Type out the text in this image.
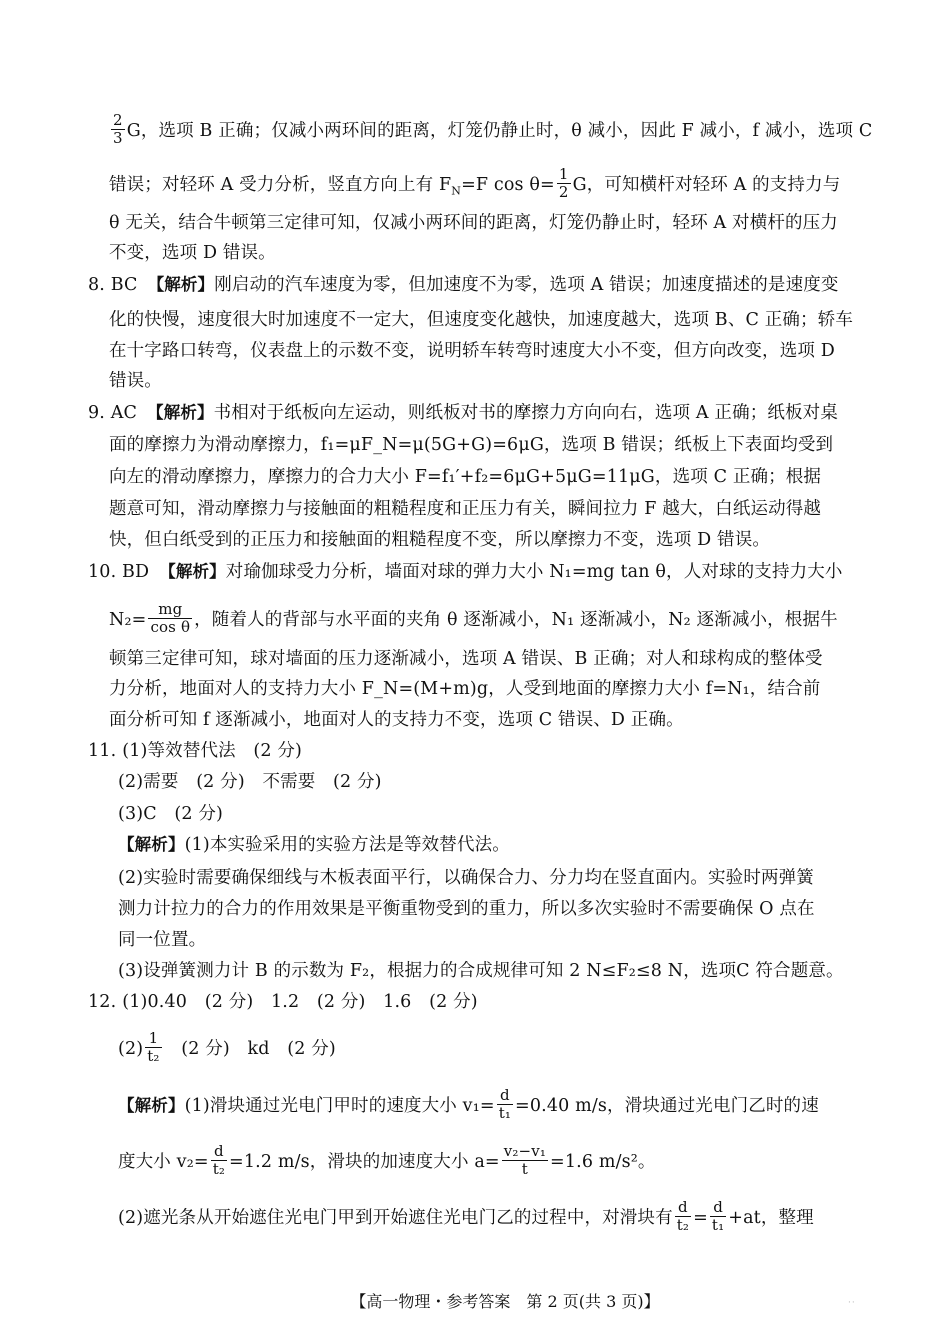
$\frac{2}{3}$ G，选项 B 正确；仅减小两环间的距离，灯笼仍静止时，θ 减小，因此 F 减小，f 减小，选项 C
错误；对轻环 A 受力分析，竖直方向上有 $F_N=F$ $\cos \theta= \frac{1}{2}$ G，可知横杆对轻环 A 的支持力与
θ 无关，结合牛顿第三定律可知，仅减小两环间的距离，灯笼仍静止时，轻环 A 对横杆的压力
不变，选项 D 错误。
8. BC 【解析】刚启动的汽车速度为零，但加速度不为零，选项 A 错误；加速度描述的是速度变
化的快慢，速度很大时加速度不一定大，但速度变化越快，加速度越大，选项 B、C 正确；轿车
在十字路口转弯，仪表盘上的示数不变，说明轿车转弯时速度大小不变，但方向改变，选项 D
错误。
9. AC 【解析】书相对于纸板向左运动，则纸板对书的摩擦力方向向右，选项 A 正确；纸板对桌
面的摩擦力为滑动摩擦力，f₁=μF_N=μ(5G+G)=6μG，选项 B 错误；纸板上下表面均受到
向左的滑动摩擦力，摩擦力的合力大小 F=f₁′+f₂=6μG+5μG=11μG，选项 C 正确；根据
题意可知，滑动摩擦力与接触面的粗糙程度和正压力有关，瞬间拉力 F 越大，白纸运动得越
快，但白纸受到的正压力和接触面的粗糙程度不变，所以摩擦力不变，选项 D 错误。
10. BD 【解析】对瑜伽球受力分析，墙面对球的弹力大小 N₁=mg tan θ，人对球的支持力大小
$N_2= \frac{mg}{\text{cos θ}}$ ，随着人的背部与水平面的夹角 θ 逐渐减小，N₁ 逐渐减小，N₂ 逐渐减小，根据牛
顿第三定律可知，球对墙面的压力逐渐减小，选项 A 错误、B 正确；对人和球构成的整体受
力分析，地面对人的支持力大小 F_N=(M+m)g，人受到地面的摩擦力大小 f=N₁，结合前
面分析可知 f 逐渐减小，地面对人的支持力不变，选项 C 错误、D 正确。
11. (1)等效替代法　(2 分)
(2)需要　(2 分)　不需要　(2 分)
(3)C　(2 分)
【解析】(1)本实验采用的实验方法是等效替代法。
(2)实验时需要确保细线与木板表面平行，以确保合力、分力均在竖直面内。实验时两弹簧
测力计拉力的合力的作用效果是平衡重物受到的重力，所以多次实验时不需要确保 O 点在
同一位置。
(3)设弹簧测力计 B 的示数为 F₂，根据力的合成规律可知 2 N≤F₂≤8 N，选项C 符合题意。
12. (1)0.40　(2 分)　1.2　(2 分)　1.6　(2 分)
$(2) \frac{1}{\text{t₂}}$ 　(2 分)　kd　(2 分)
【解析】(1)滑块通过光电门甲时的速度大小 $v_1= \frac{d}{\text{t₁}} =0.40$ m/s，滑块通过光电门乙时的速
度大小 $v_2= \frac{d}{\text{t₂}} =1.2$ m/s，滑块的加速度大小 $a= \frac{\text{v₂−v₁}}{t} =1.6$ m/s²。
(2)遮光条从开始遮住光电门甲到开始遮住光电门乙的过程中，对滑块有 $\frac{d}{\text{t₂}} = \frac{d}{\text{t₁}} +at$，整理
【高一物理・参考答案　第 2 页(共 3 页)】	··
